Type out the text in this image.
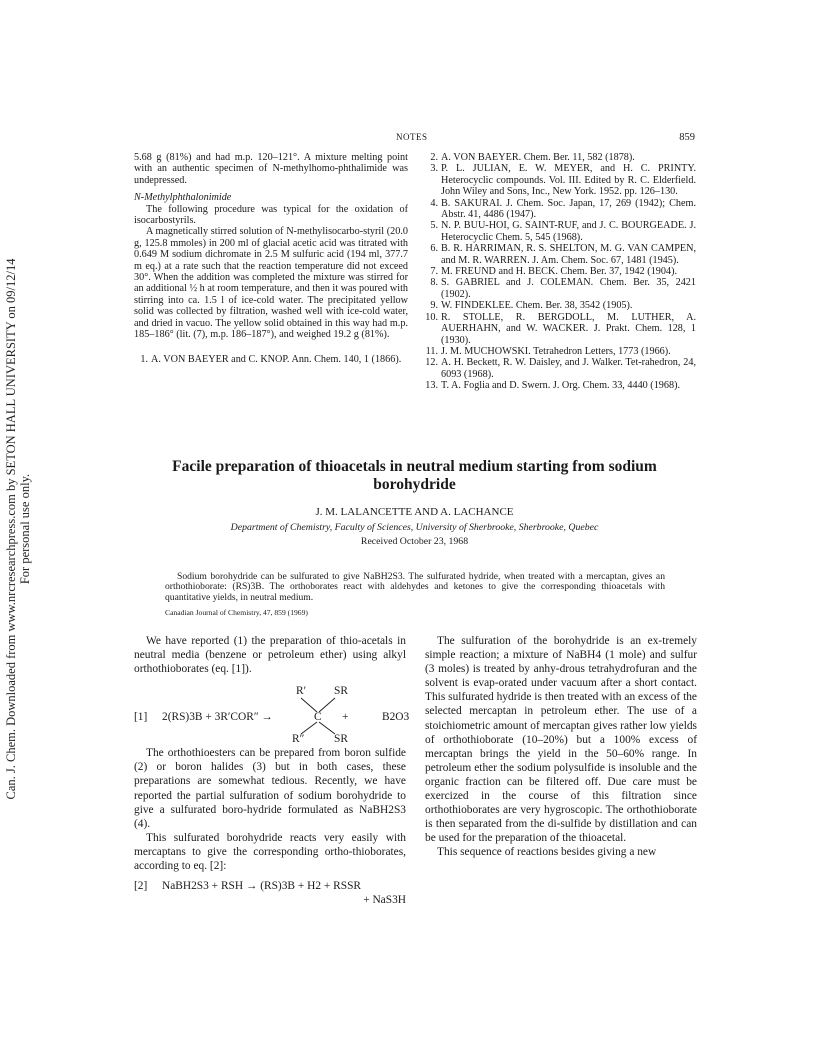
Can. J. Chem. Downloaded from www.nrcresearchpress.com by SETON HALL UNIVERSITY on 09/12/14 For personal use only.
NOTES	859

5.68 g (81%) and had m.p. 120–121°. A mixture melting point with an authentic specimen of N-methylhomo-phthalimide was undepressed.

N-Methylphthalonimide

The following procedure was typical for the oxidation of isocarbostyrils.

A magnetically stirred solution of N-methylisocarbo-styril (20.0 g, 125.8 mmoles) in 200 ml of glacial acetic acid was titrated with 0.649 M sodium dichromate in 2.5 M sulfuric acid (194 ml, 377.7 m eq.) at a rate such that the reaction temperature did not exceed 30°. When the addition was completed the mixture was stirred for an additional ½ h at room temperature, and then it was poured with stirring into ca. 1.5 l of ice-cold water. The precipitated yellow solid was collected by filtration, washed well with ice-cold water, and dried in vacuo. The yellow solid obtained in this way had m.p. 185–186° (lit. (7), m.p. 186–187°), and weighed 19.2 g (81%).

1. A. VON BAEYER and C. KNOP. Ann. Chem. 140, 1 (1866).
2. A. VON BAEYER. Chem. Ber. 11, 582 (1878).
3. P. L. JULIAN, E. W. MEYER, and H. C. PRINTY. Heterocyclic compounds. Vol. III. Edited by R. C. Elderfield. John Wiley and Sons, Inc., New York. 1952. pp. 126–130.
4. B. SAKURAI. J. Chem. Soc. Japan, 17, 269 (1942); Chem. Abstr. 41, 4486 (1947).
5. N. P. BUU-HOI, G. SAINT-RUF, and J. C. BOURGEADE. J. Heterocyclic Chem. 5, 545 (1968).
6. B. R. HARRIMAN, R. S. SHELTON, M. G. VAN CAMPEN, and M. R. WARREN. J. Am. Chem. Soc. 67, 1481 (1945).
7. M. FREUND and H. BECK. Chem. Ber. 37, 1942 (1904).
8. S. GABRIEL and J. COLEMAN. Chem. Ber. 35, 2421 (1902).
9. W. FINDEKLEE. Chem. Ber. 38, 3542 (1905).
10. R. STOLLE, R. BERGDOLL, M. LUTHER, A. AUERHAHN, and W. WACKER. J. Prakt. Chem. 128, 1 (1930).
11. J. M. MUCHOWSKI. Tetrahedron Letters, 1773 (1966).
12. A. H. Beckett, R. W. Daisley, and J. Walker. Tet-rahedron, 24, 6093 (1968).
13. T. A. Foglia and D. Swern. J. Org. Chem. 33, 4440 (1968).
Facile preparation of thioacetals in neutral medium starting from sodium borohydride
J. M. LALANCETTE AND A. LACHANCE
Department of Chemistry, Faculty of Sciences, University of Sherbrooke, Sherbrooke, Quebec
Received October 23, 1968
Sodium borohydride can be sulfurated to give NaBH2S3. The sulfurated hydride, when treated with a mercaptan, gives an orthothioborate: (RS)3B. The orthoborates react with aldehydes and ketones to give the corresponding thioacetals with quantitative yields, in neutral medium.
Canadian Journal of Chemistry, 47, 859 (1969)

We have reported (1) the preparation of thio-acetals in neutral media (benzene or petroleum ether) using alkyl orthothioborates (eq. [1]).

[1] 2(RS)3B + 3R′COR″ →
R′ SR
C +	B2O3
R″	SR

The orthothioesters can be prepared from boron sulfide (2) or boron halides (3) but in both cases, these preparations are somewhat tedious. Recently, we have reported the partial sulfuration of sodium borohydride to give a sulfurated boro-hydride formulated as NaBH2S3 (4).

This sulfurated borohydride reacts very easily with mercaptans to give the corresponding ortho-thioborates, according to eq. [2]:

[2] NaBH2S3 + RSH → (RS)3B + H2 + RSSR
+ NaS3H

The sulfuration of the borohydride is an ex-tremely simple reaction; a mixture of NaBH4 (1 mole) and sulfur (3 moles) is treated by anhy-drous tetrahydrofuran and the solvent is evap-orated under vacuum after a short contact. This sulfurated hydride is then treated with an excess of the selected mercaptan in petroleum ether. The use of a stoichiometric amount of mercaptan gives rather low yields of orthothioborate (10–20%) but a 100% excess of mercaptan brings the yield in the 50–60% range. In petroleum ether the sodium polysulfide is insoluble and the organic fraction can be filtered off. Due care must be exercized in the course of this filtration since orthothioborates are very hygroscopic. The orthothioborate is then separated from the di-sulfide by distillation and can be used for the preparation of the thioacetal.

This sequence of reactions besides giving a new
